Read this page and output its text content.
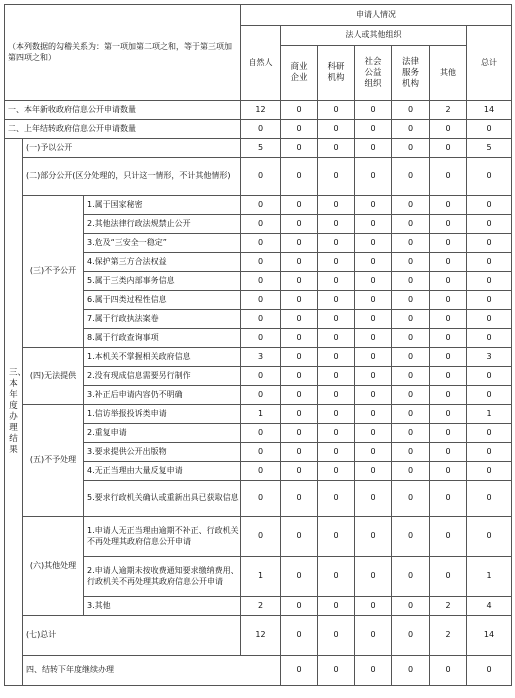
（本列数据的勾稽关系为：第一项加第二项之和，等于第三项加第四项之和）			申请人情况							
			自然人	法人或其他组织					总计	

				商业企业	科研机构	社会公益组织	法律服务机构	其他		
一、本年新收政府信息公开申请数量			12	0	0	0	0	2	14	
二、上年结转政府信息公开申请数量			0	0	0	0	0	0	0	

三、本年度办理结果	(一)予以公开		5	0	0	0	0	0	5	
	(二)部分公开(区分处理的，只计这一情形，不计其他情形)		0	0	0	0	0	0	0	
	(三)不予公开	1.属于国家秘密	0	0	0	0	0	0	0	
		2.其他法律行政法规禁止公开	0	0	0	0	0	0	0	
		3.危及“三安全一稳定”	0	0	0	0	0	0	0	
		4.保护第三方合法权益	0	0	0	0	0	0	0	
		5.属于三类内部事务信息	0	0	0	0	0	0	0	
		6.属于四类过程性信息	0	0	0	0	0	0	0	
		7.属于行政执法案卷	0	0	0	0	0	0	0	
		8.属于行政查询事项	0	0	0	0	0	0	0	
	(四)无法提供	1.本机关不掌握相关政府信息	3	0	0	0	0	0	3	
		2.没有现成信息需要另行制作	0	0	0	0	0	0	0	
		3.补正后申请内容仍不明确	0	0	0	0	0	0	0	
	(五)不予处理	1.信访举报投诉类申请	1	0	0	0	0	0	1	
		2.重复申请	0	0	0	0	0	0	0	
		3.要求提供公开出版物	0	0	0	0	0	0	0	
		4.无正当理由大量反复申请	0	0	0	0	0	0	0	
		5.要求行政机关确认或重新出具已获取信息	0	0	0	0	0	0	0	
	(六)其他处理	1.申请人无正当理由逾期不补正、行政机关不再处理其政府信息公开申请	0	0	0	0	0	0	0	
		2.申请人逾期未按收费通知要求缴纳费用、行政机关不再处理其政府信息公开申请	1	0	0	0	0	0	1	
		3.其他	2	0	0	0	0	2	4	
	(七)总计		12	0	0	0	0	2	14	
	四、结转下年度继续办理			0	0	0	0	0	0	
